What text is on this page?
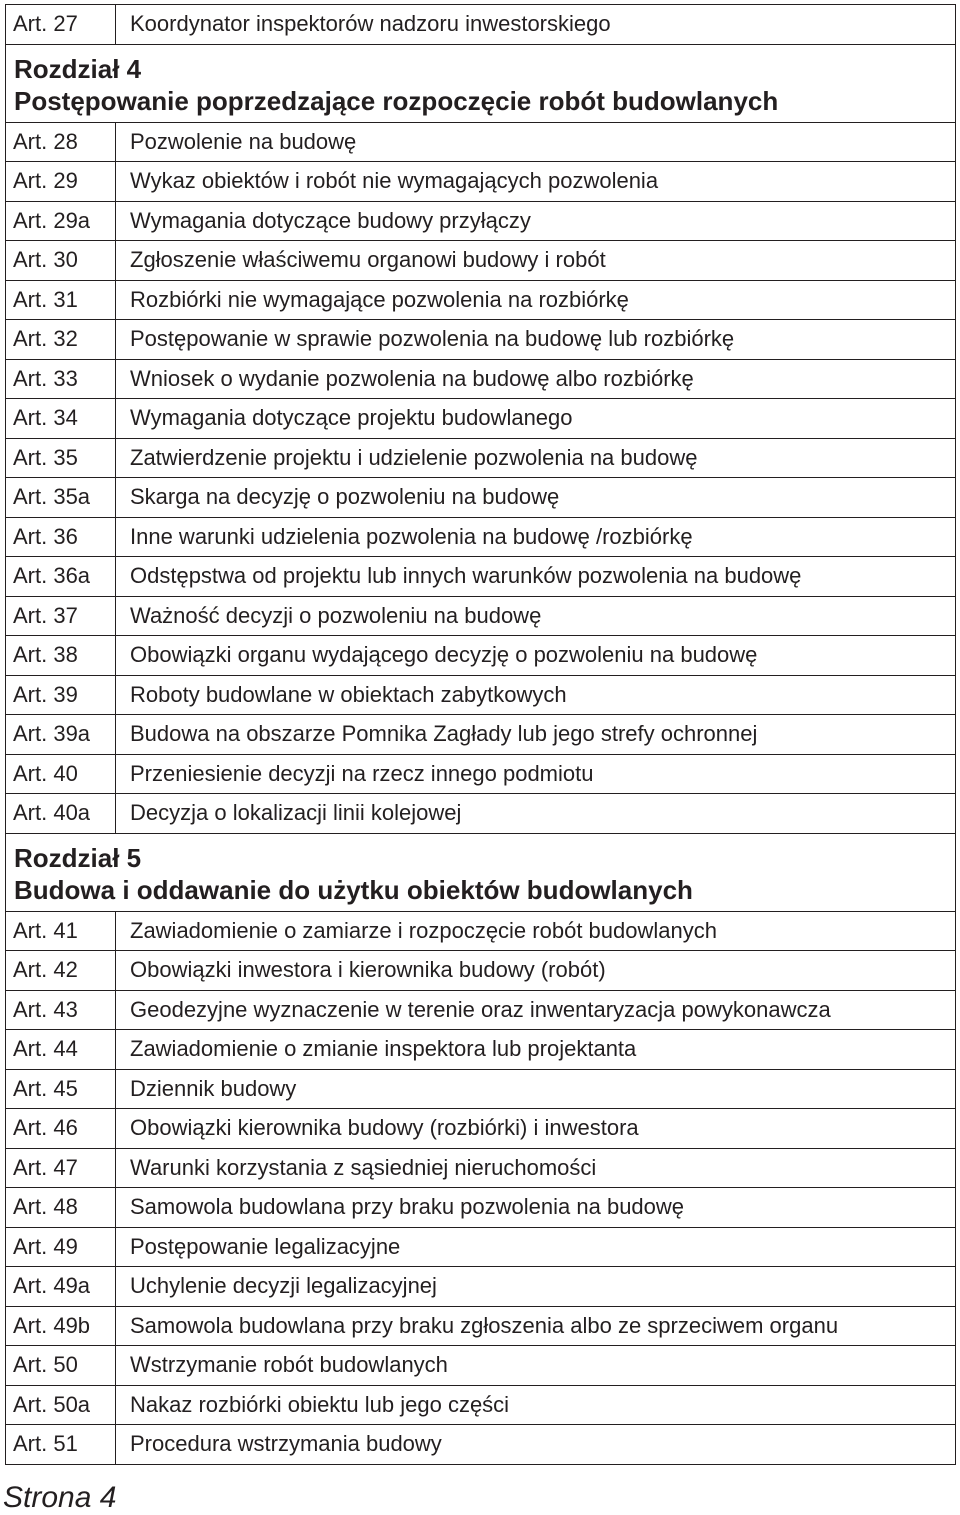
Art. 27	Koordynator inspektorów nadzoru inwestorskiego

Rozdział 4
Postępowanie poprzedzające rozpoczęcie robót budowlanych	

Art. 28	Pozwolenie na budowę
Art. 29	Wykaz obiektów i robót nie wymagających pozwolenia
Art. 29a	Wymagania dotyczące budowy przyłączy
Art. 30	Zgłoszenie właściwemu organowi budowy i robót
Art. 31	Rozbiórki nie wymagające pozwolenia na rozbiórkę
Art. 32	Postępowanie w sprawie pozwolenia na budowę lub rozbiórkę
Art. 33	Wniosek o wydanie pozwolenia na budowę albo rozbiórkę
Art. 34	Wymagania dotyczące projektu budowlanego
Art. 35	Zatwierdzenie projektu i udzielenie pozwolenia na budowę
Art. 35a	Skarga na decyzję o pozwoleniu na budowę
Art. 36	Inne warunki udzielenia pozwolenia na budowę /rozbiórkę
Art. 36a	Odstępstwa od projektu lub innych warunków pozwolenia na budowę
Art. 37	Ważność decyzji o pozwoleniu na budowę
Art. 38	Obowiązki organu wydającego decyzję o pozwoleniu na budowę
Art. 39	Roboty budowlane w obiektach zabytkowych
Art. 39a	Budowa na obszarze Pomnika Zagłady lub jego strefy ochronnej
Art. 40	Przeniesienie decyzji na rzecz innego podmiotu
Art. 40a	Decyzja o lokalizacji linii kolejowej

Rozdział 5
Budowa i oddawanie do użytku obiektów budowlanych	

Art. 41	Zawiadomienie o zamiarze i rozpoczęcie robót budowlanych
Art. 42	Obowiązki inwestora i kierownika budowy (robót)
Art. 43	Geodezyjne wyznaczenie w terenie oraz inwentaryzacja powykonawcza
Art. 44	Zawiadomienie o zmianie inspektora lub projektanta
Art. 45	Dziennik budowy
Art. 46	Obowiązki kierownika budowy (rozbiórki) i inwestora
Art. 47	Warunki korzystania z sąsiedniej nieruchomości
Art. 48	Samowola budowlana przy braku pozwolenia na budowę
Art. 49	Postępowanie legalizacyjne
Art. 49a	Uchylenie decyzji legalizacyjnej
Art. 49b	Samowola budowlana przy braku zgłoszenia albo ze sprzeciwem organu
Art. 50	Wstrzymanie robót budowlanych
Art. 50a	Nakaz rozbiórki obiektu lub jego części
Art. 51	Procedura wstrzymania budowy
Strona 4
